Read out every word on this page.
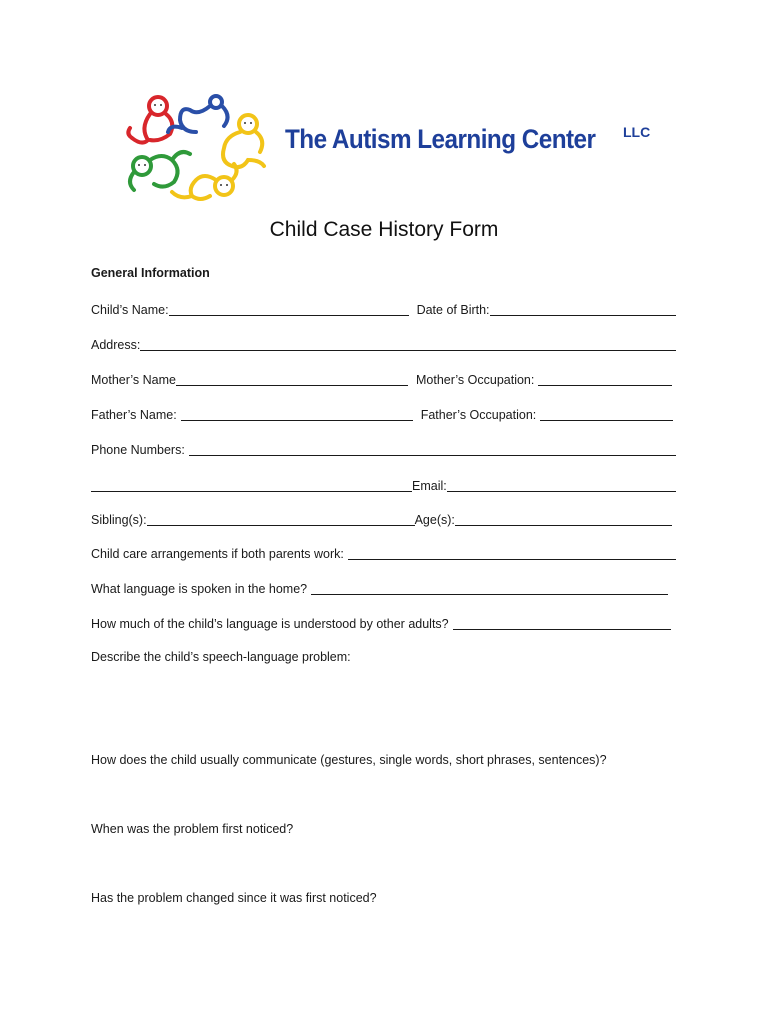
The Autism Learning Center LLC
Child Case History Form
General Information
Child’s Name:	Date of Birth:
Address:
Mother’s Name	Mother’s Occupation:
Father’s Name:	Father’s Occupation:
Phone Numbers:
Email:
Sibling(s):	Age(s):
Child care arrangements if both parents work:
What language is spoken in the home?
How much of the child’s language is understood by other adults?
Describe the child’s speech-language problem:
How does the child usually communicate (gestures, single words, short phrases, sentences)?
When was the problem first noticed?
Has the problem changed since it was first noticed?
